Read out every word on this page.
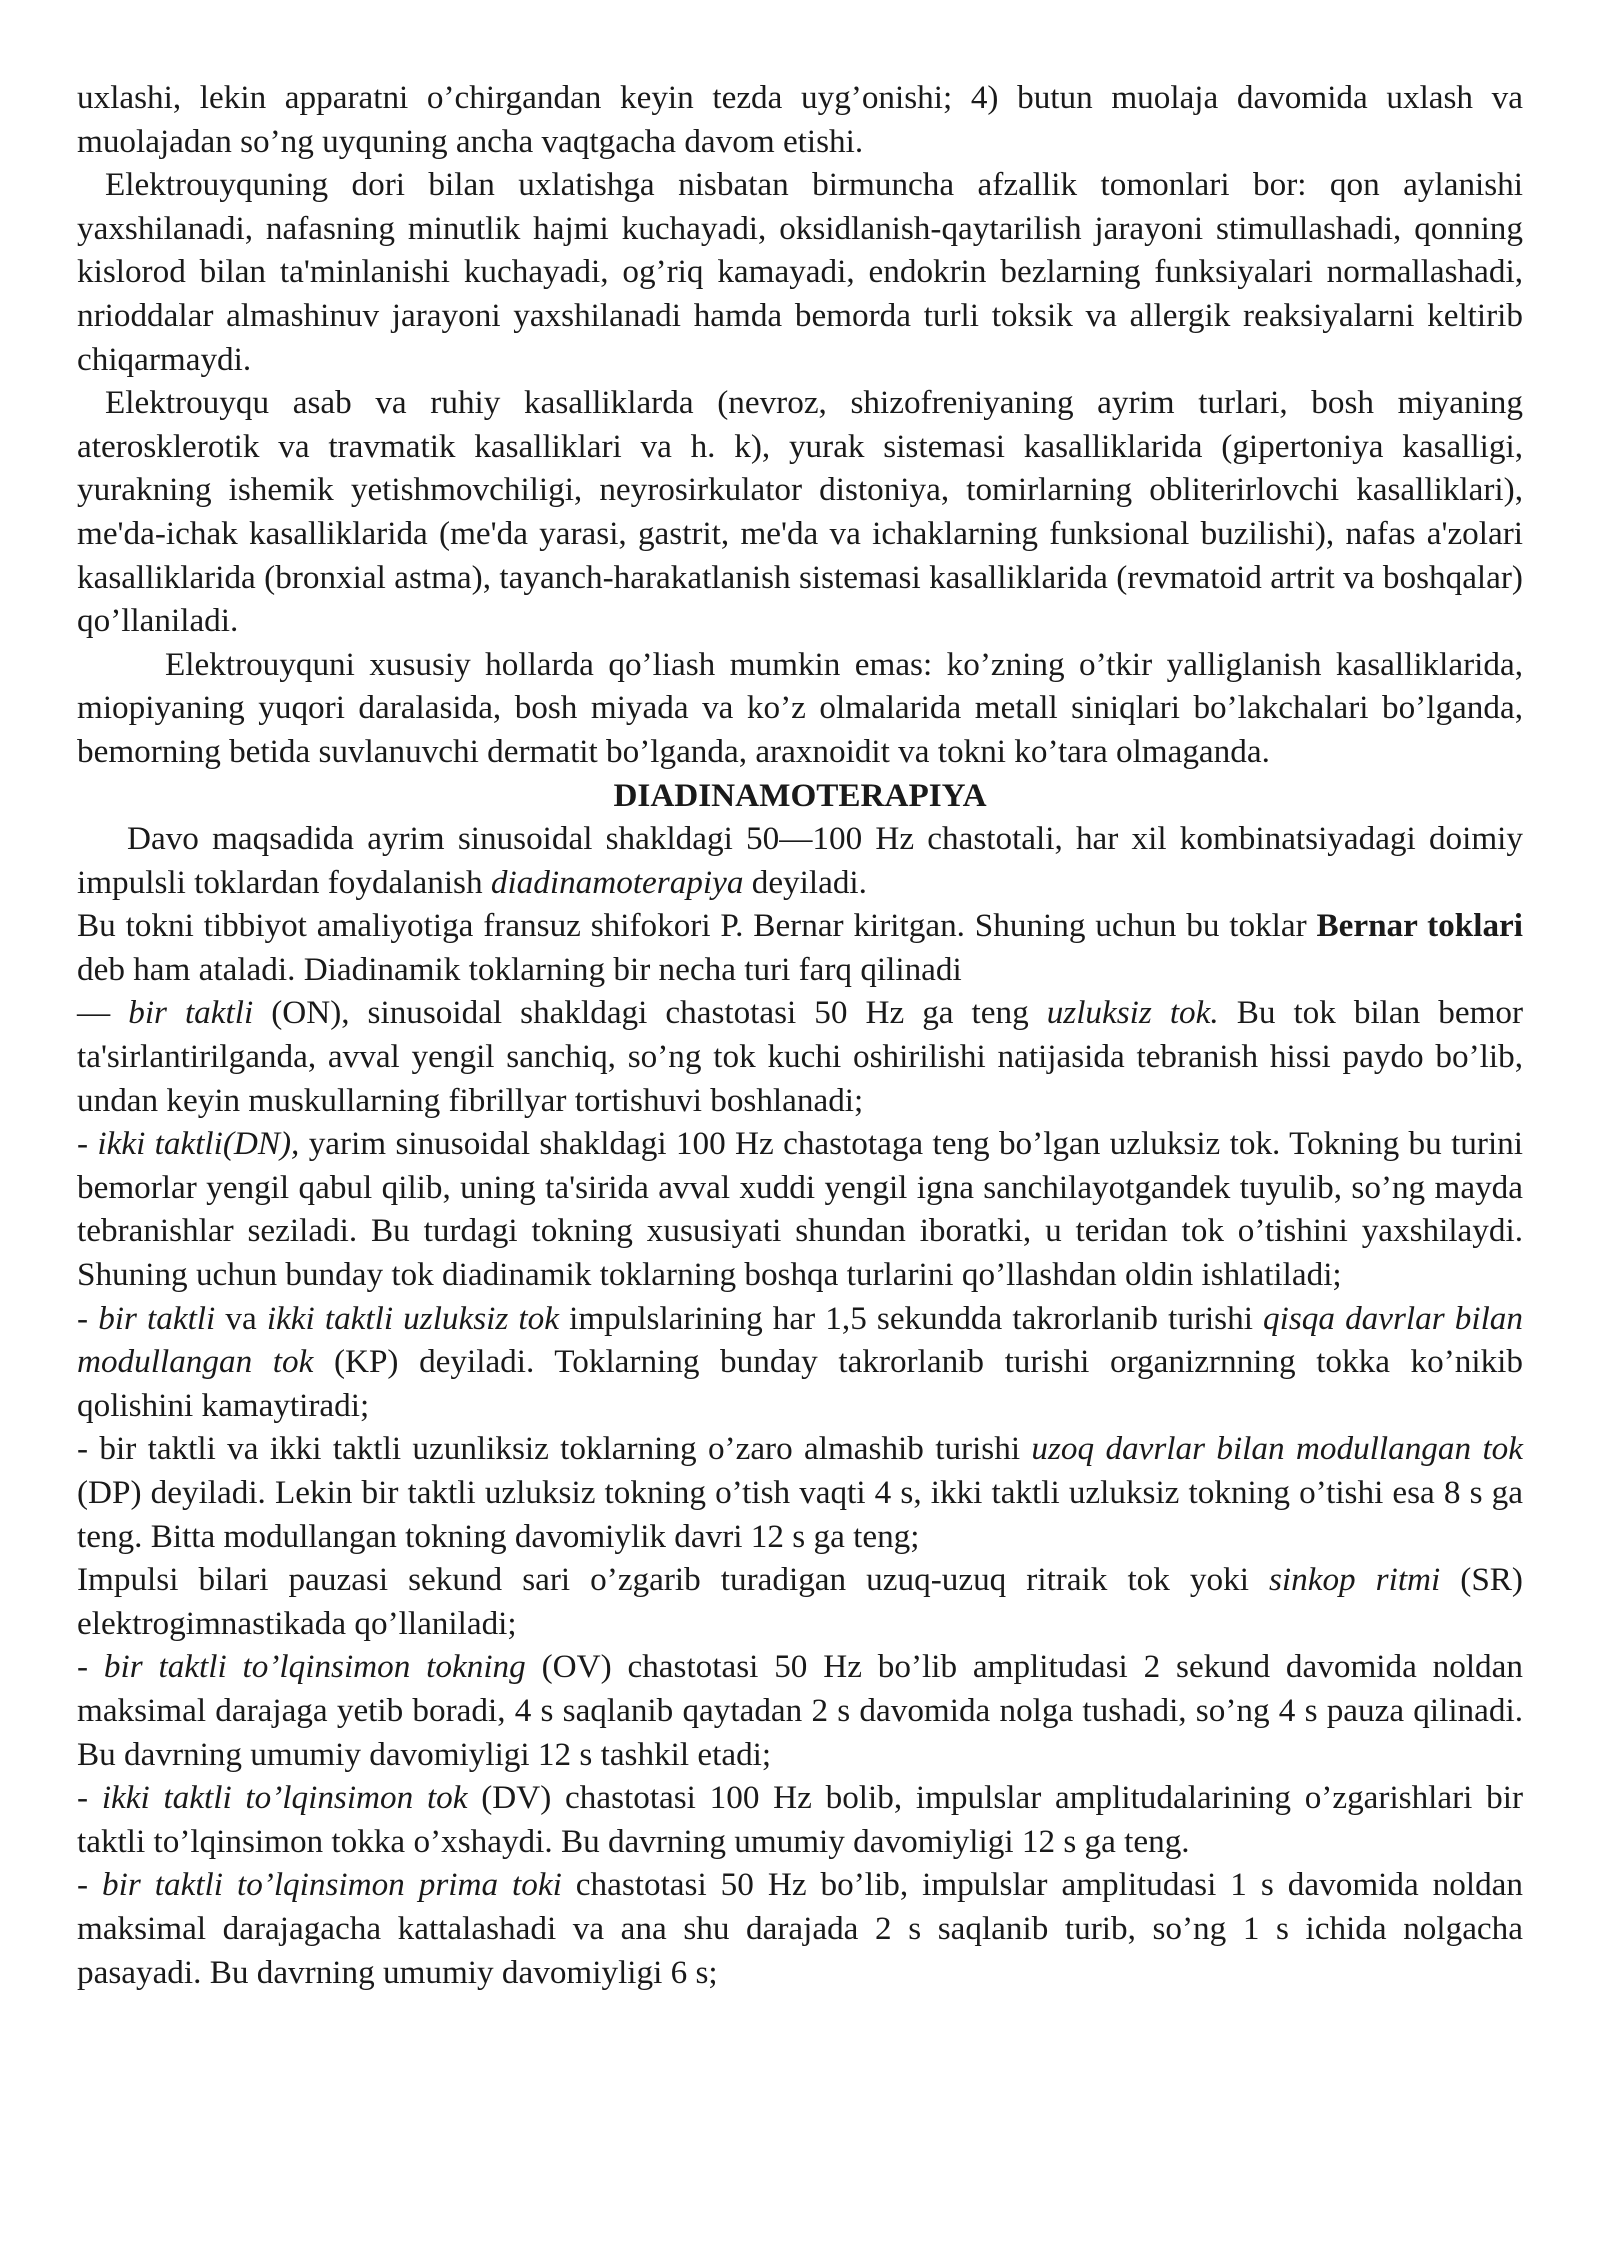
uxlashi, lekin apparatni o’chirgandan keyin tezda uyg’onishi; 4) butun muolaja davomida uxlash va muolajadan so’ng uyquning ancha vaqtgacha davom etishi.

Elektrouyquning dori bilan uxlatishga nisbatan birmuncha afzallik tomonlari bor: qon aylanishi yaxshilanadi, nafasning minutlik hajmi kuchayadi, oksidlanish-qaytarilish jarayoni stimullashadi, qonning kislorod bilan ta'minlanishi kuchayadi, og’riq kamayadi, endokrin bezlarning funksiyalari normallashadi, nrioddalar almashinuv jarayoni yaxshilanadi hamda bemorda turli toksik va allergik reaksiyalarni keltirib chiqarmaydi.

Elektrouyqu asab va ruhiy kasalliklarda (nevroz, shizofreniyaning ayrim turlari, bosh miyaning aterosklerotik va travmatik kasalliklari va h. k), yurak sistemasi kasalliklarida (gipertoniya kasalligi, yurakning ishemik yetishmovchiligi, neyrosirkulator distoniya, tomirlarning obliterirlovchi kasalliklari), me'da-ichak kasalliklarida (me'da yarasi, gastrit, me'da va ichaklarning funksional buzilishi), nafas a'zolari kasalliklarida (bronxial astma), tayanch-harakatlanish sistemasi kasalliklarida (revmatoid artrit va boshqalar) qo’llaniladi.

Elektrouyquni xususiy hollarda qo’liash mumkin emas: ko’zning o’tkir yalliglanish kasalliklarida, miopiyaning yuqori daralasida, bosh miyada va ko’z olmalarida metall siniqlari bo’lakchalari bo’lganda, bemorning betida suvlanuvchi dermatit bo’lganda, araxnoidit va tokni ko’tara olmaganda.

DIADINAMOTERAPIYA

Davo maqsadida ayrim sinusoidal shakldagi 50—100 Hz chastotali, har xil kombinatsiyadagi doimiy impulsli toklardan foydalanish diadinamoterapiya deyiladi.

Bu tokni tibbiyot amaliyotiga fransuz shifokori P. Bernar kiritgan. Shuning uchun bu toklar Bernar toklari deb ham ataladi. Diadinamik toklarning bir necha turi farq qilinadi

— bir taktli (ON), sinusoidal shakldagi chastotasi 50 Hz ga teng uzluksiz tok. Bu tok bilan bemor ta'sirlantirilganda, avval yengil sanchiq, so’ng tok kuchi oshirilishi natijasida tebranish hissi paydo bo’lib, undan keyin muskullarning fibrillyar tortishuvi boshlanadi;

- ikki taktli(DN), yarim sinusoidal shakldagi 100 Hz chastotaga teng bo’lgan uzluksiz tok. Tokning bu turini bemorlar yengil qabul qilib, uning ta'sirida avval xuddi yengil igna sanchilayotgandek tuyulib, so’ng mayda tebranishlar seziladi. Bu turdagi tokning xususiyati shundan iboratki, u teridan tok o’tishini yaxshilaydi. Shuning uchun bunday tok diadinamik toklarning boshqa turlarini qo’llashdan oldin ishlatiladi;

- bir taktli va ikki taktli uzluksiz tok impulslarining har 1,5 sekundda takrorlanib turishi qisqa davrlar bilan modullangan tok (KP) deyiladi. Toklarning bunday takrorlanib turishi organizrnning tokka ko’nikib qolishini kamaytiradi;

- bir taktli va ikki taktli uzunliksiz toklarning o’zaro almashib turishi uzoq davrlar bilan modullangan tok (DP) deyiladi. Lekin bir taktli uzluksiz tokning o’tish vaqti 4 s, ikki taktli uzluksiz tokning o’tishi esa 8 s ga teng. Bitta modullangan tokning davomiylik davri 12 s ga teng;

Impulsi bilari pauzasi sekund sari o’zgarib turadigan uzuq-uzuq ritraik tok yoki sinkop ritmi (SR) elektrogimnastikada qo’llaniladi;

- bir taktli to’lqinsimon tokning (OV) chastotasi 50 Hz bo’lib amplitudasi 2 sekund davomida noldan maksimal darajaga yetib boradi, 4 s saqlanib qaytadan 2 s davomida nolga tushadi, so’ng 4 s pauza qilinadi. Bu davrning umumiy davomiyligi 12 s tashkil etadi;

- ikki taktli to’lqinsimon tok (DV) chastotasi 100 Hz bolib, impulslar amplitudalarining o’zgarishlari bir taktli to’lqinsimon tokka o’xshaydi. Bu davrning umumiy davomiyligi 12 s ga teng.

- bir taktli to’lqinsimon prima toki chastotasi 50 Hz bo’lib, impulslar amplitudasi 1 s davomida noldan maksimal darajagacha kattalashadi va ana shu darajada 2 s saqlanib turib, so’ng 1 s ichida nolgacha pasayadi. Bu davrning umumiy davomiyligi 6 s;
